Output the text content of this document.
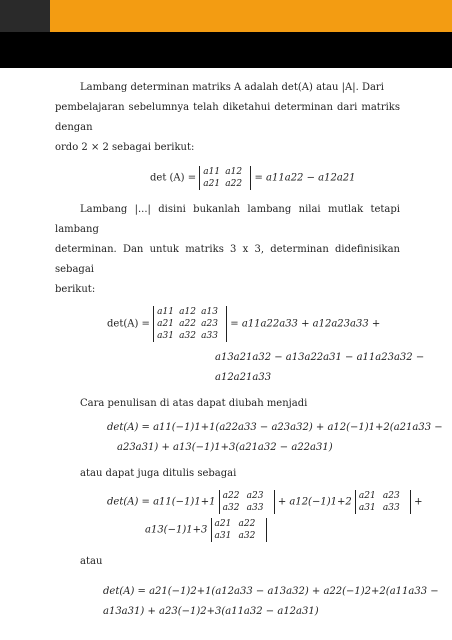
Lambang determinan matriks A adalah det(A) atau |A|. Dari

pembelajaran sebelumnya telah diketahui determinan dari matriks dengan

ordo 2 × 2 sebagai berikut:

det (A) =
a11 a12
a21 a22
= a11a22 − a12a21

Lambang |...| disini bukanlah lambang nilai mutlak tetapi lambang

determinan. Dan untuk matriks 3 x 3, determinan didefinisikan sebagai

berikut:

det(A) =
a11 a12 a13
a21 a22 a23
a31 a32 a33
= a11a22a33 + a12a23a33 +
a13a21a32 − a13a22a31 − a11a23a32 −
a12a21a33

Cara penulisan di atas dapat diubah menjadi

det(A) = a11(−1)1+1(a22a33 − a23a32) + a12(−1)1+2(a21a33 −
a23a31) + a13(−1)1+3(a21a32 − a22a31)

atau dapat juga ditulis sebagai

det(A) = a11(−1)1+1
a22 a23
a32 a33
+ a12(−1)1+2
a21 a23
a31 a33
+
a13(−1)1+3
a21 a22
a31 a32

atau

det(A) = a21(−1)2+1(a12a33 − a13a32) + a22(−1)2+2(a11a33 −
a13a31) + a23(−1)2+3(a11a32 − a12a31)
